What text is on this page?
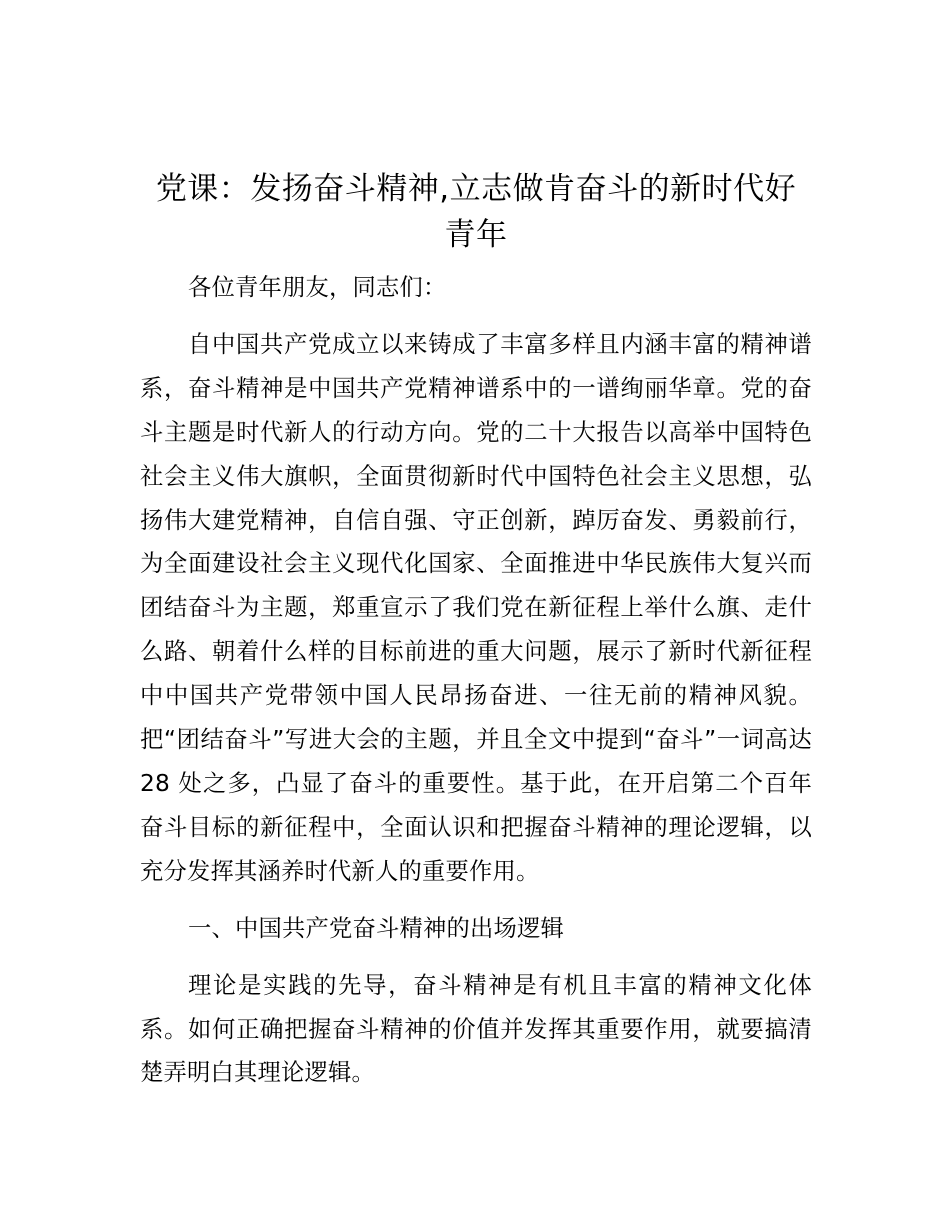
党课：发扬奋斗精神,立志做肯奋斗的新时代好
青年

各位青年朋友，同志们：

自中国共产党成立以来铸成了丰富多样且内涵丰富的精神谱系，奋斗精神是中国共产党精神谱系中的一谱绚丽华章。党的奋斗主题是时代新人的行动方向。党的二十大报告以高举中国特色社会主义伟大旗帜，全面贯彻新时代中国特色社会主义思想，弘扬伟大建党精神，自信自强、守正创新，踔厉奋发、勇毅前行，为全面建设社会主义现代化国家、全面推进中华民族伟大复兴而团结奋斗为主题，郑重宣示了我们党在新征程上举什么旗、走什么路、朝着什么样的目标前进的重大问题，展示了新时代新征程中中国共产党带领中国人民昂扬奋进、一往无前的精神风貌。把“团结奋斗”写进大会的主题，并且全文中提到“奋斗”一词高达 28 处之多，凸显了奋斗的重要性。基于此，在开启第二个百年奋斗目标的新征程中，全面认识和把握奋斗精神的理论逻辑，以充分发挥其涵养时代新人的重要作用。

一、中国共产党奋斗精神的出场逻辑

理论是实践的先导，奋斗精神是有机且丰富的精神文化体系。如何正确把握奋斗精神的价值并发挥其重要作用，就要搞清楚弄明白其理论逻辑。
